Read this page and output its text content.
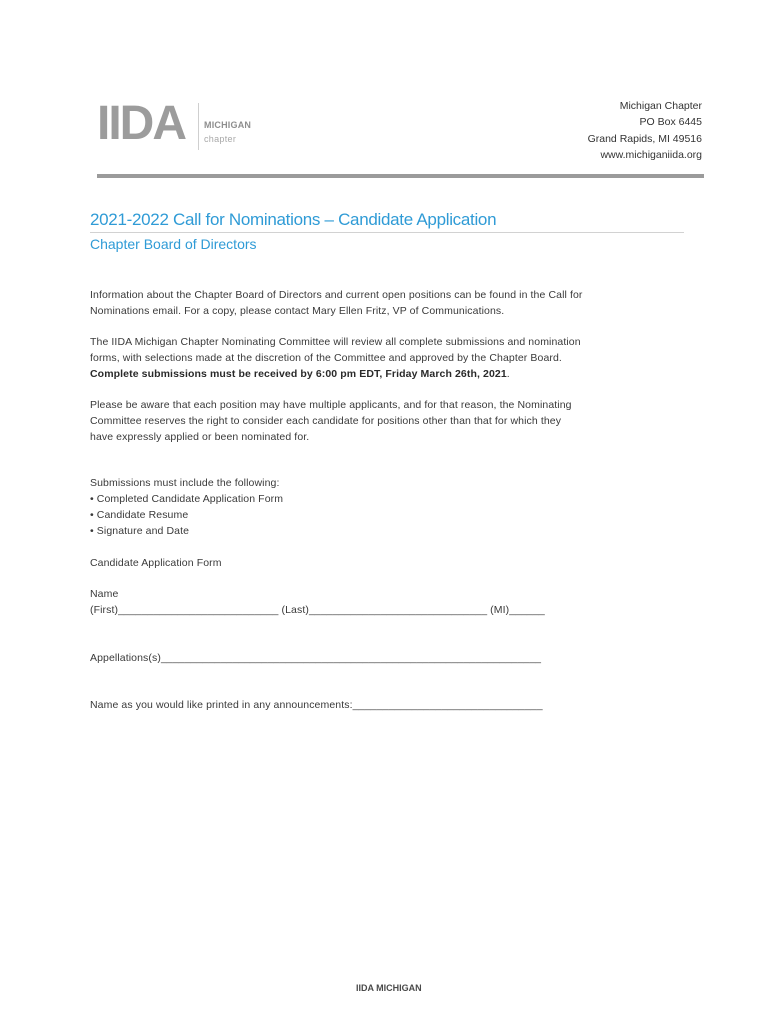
IIDA MICHIGAN
chapter
Michigan Chapter
PO Box 6445
Grand Rapids, MI 49516
www.michiganiida.org
2021-2022 Call for Nominations – Candidate Application
Chapter Board of Directors
Information about the Chapter Board of Directors and current open positions can be found in the Call for
Nominations email. For a copy, please contact Mary Ellen Fritz, VP of Communications.
The IIDA Michigan Chapter Nominating Committee will review all complete submissions and nomination
forms, with selections made at the discretion of the Committee and approved by the Chapter Board.
Complete submissions must be received by 6:00 pm EDT, Friday March 26th, 2021.
Please be aware that each position may have multiple applicants, and for that reason, the Nominating
Committee reserves the right to consider each candidate for positions other than that for which they
have expressly applied or been nominated for.
Submissions must include the following:
• Completed Candidate Application Form
• Candidate Resume
• Signature and Date
Candidate Application Form
Name
(First)___________________________ (Last)______________________________ (MI)______
Appellations(s)________________________________________________________________
Name as you would like printed in any announcements:________________________________
IIDA MICHIGAN
